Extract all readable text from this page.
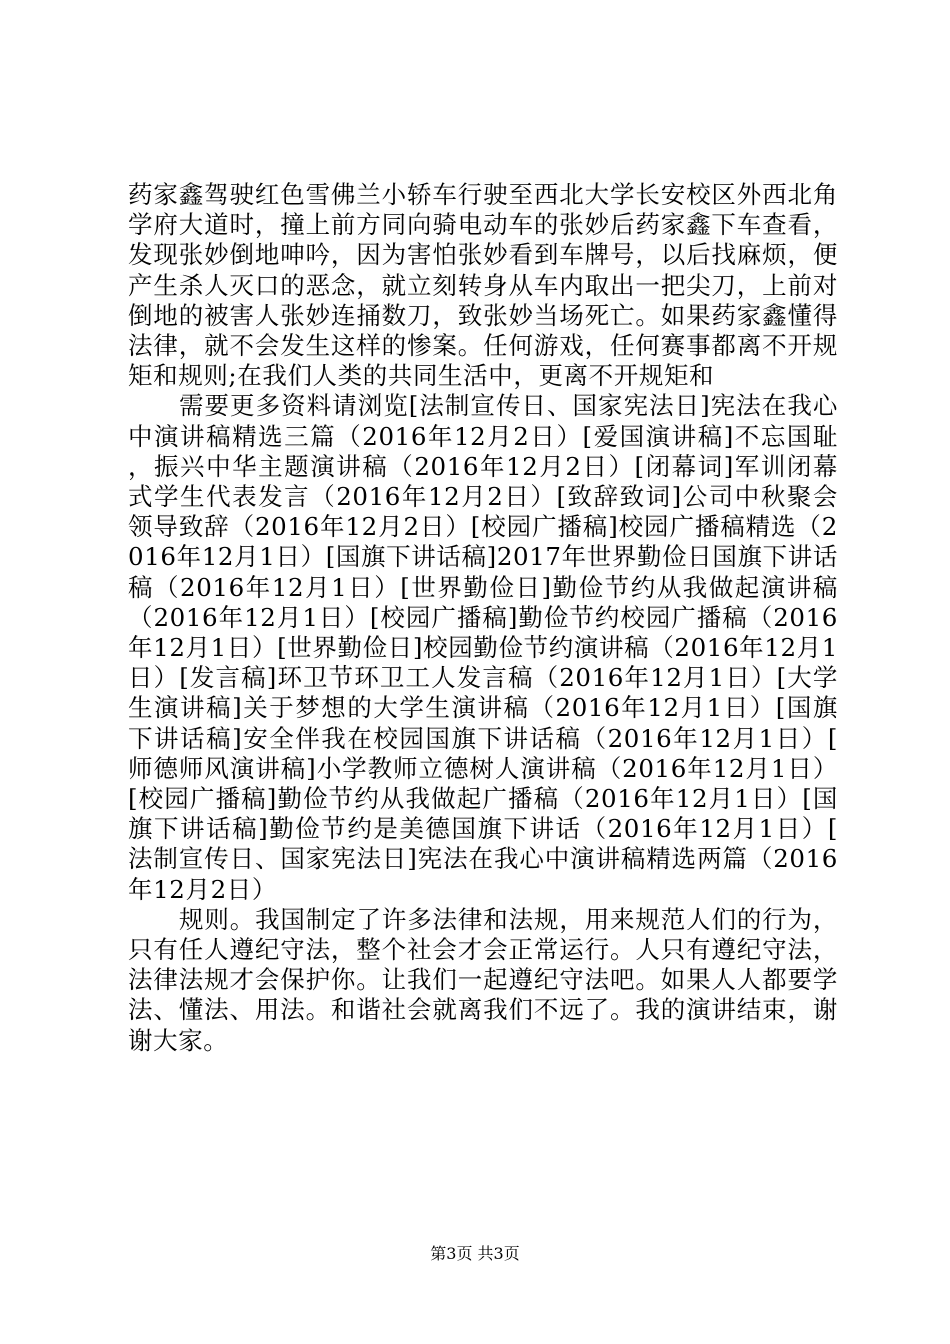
药家鑫驾驶红色雪佛兰小轿车行驶至西北大学长安校区外西北角学府大道时，撞上前方同向骑电动车的张妙后药家鑫下车查看，发现张妙倒地呻吟，因为害怕张妙看到车牌号，以后找麻烦，便产生杀人灭口的恶念，就立刻转身从车内取出一把尖刀，上前对倒地的被害人张妙连捅数刀，致张妙当场死亡。如果药家鑫懂得法律，就不会发生这样的惨案。任何游戏，任何赛事都离不开规矩和规则;在我们人类的共同生活中，更离不开规矩和

需要更多资料请浏览[法制宣传日、国家宪法日]宪法在我心中演讲稿精选三篇（2016年12月2日）[爱国演讲稿]不忘国耻，振兴中华主题演讲稿（2016年12月2日）[闭幕词]军训闭幕式学生代表发言（2016年12月2日）[致辞致词]公司中秋聚会领导致辞（2016年12月2日）[校园广播稿]校园广播稿精选（2016年12月1日）[国旗下讲话稿]2017年世界勤俭日国旗下讲话稿（2016年12月1日）[世界勤俭日]勤俭节约从我做起演讲稿（2016年12月1日）[校园广播稿]勤俭节约校园广播稿（2016年12月1日）[世界勤俭日]校园勤俭节约演讲稿（2016年12月1日）[发言稿]环卫节环卫工人发言稿（2016年12月1日）[大学生演讲稿]关于梦想的大学生演讲稿（2016年12月1日）[国旗下讲话稿]安全伴我在校园国旗下讲话稿（2016年12月1日）[师德师风演讲稿]小学教师立德树人演讲稿（2016年12月1日）[校园广播稿]勤俭节约从我做起广播稿（2016年12月1日）[国旗下讲话稿]勤俭节约是美德国旗下讲话（2016年12月1日）[法制宣传日、国家宪法日]宪法在我心中演讲稿精选两篇（2016年12月2日）

规则。我国制定了许多法律和法规，用来规范人们的行为，只有任人遵纪守法，整个社会才会正常运行。人只有遵纪守法，法律法规才会保护你。让我们一起遵纪守法吧。如果人人都要学法、懂法、用法。和谐社会就离我们不远了。我的演讲结束，谢谢大家。

第3页 共3页
